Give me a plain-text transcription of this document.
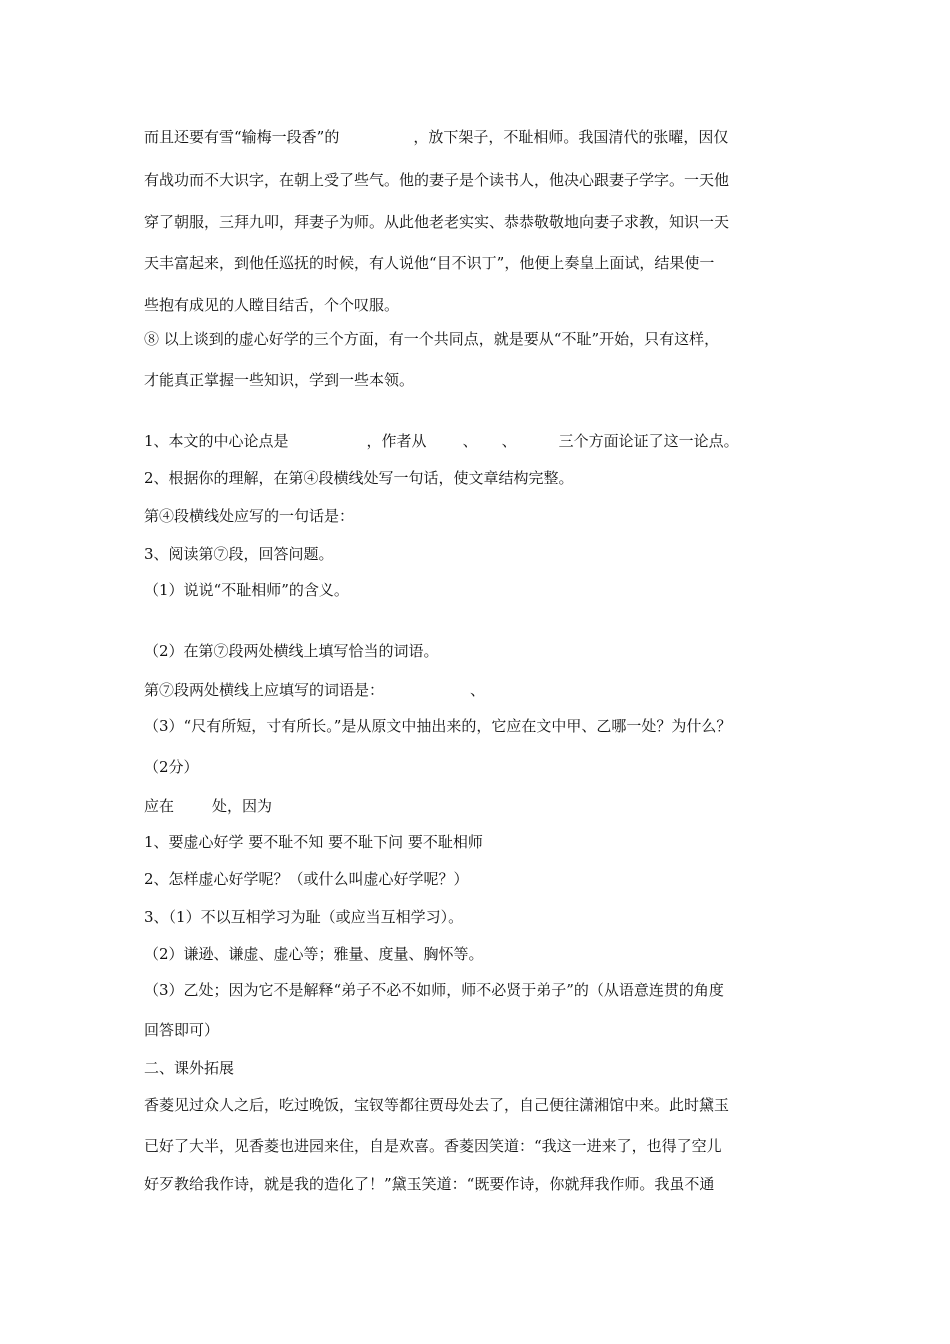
而且还要有雪“输梅一段香”的	，放下架子，不耻相师。我国清代的张曜，因仅
有战功而不大识字，在朝上受了些气。他的妻子是个读书人，他决心跟妻子学字。一天他
穿了朝服，三拜九叩，拜妻子为师。从此他老老实实、恭恭敬敬地向妻子求教，知识一天
天丰富起来，到他任巡抚的时候，有人说他“目不识丁”，他便上奏皇上面试，结果使一
些抱有成见的人瞠目结舌，个个叹服。
⑧ 以上谈到的虚心好学的三个方面，有一个共同点，就是要从“不耻”开始，只有这样，
才能真正掌握一些知识，学到一些本领。
1、本文的中心论点是	，作者从 、 、	三个方面论证了这一论点。
2、根据你的理解，在第④段横线处写一句话，使文章结构完整。
第④段横线处应写的一句话是：
3、阅读第⑦段，回答问题。
（1）说说“不耻相师”的含义。
（2）在第⑦段两处横线上填写恰当的词语。
第⑦段两处横线上应填写的词语是：	、
（3）“尺有所短，寸有所长。”是从原文中抽出来的，它应在文中甲、乙哪一处？为什么？
（2分）
应在	处，因为
1、要虚心好学 要不耻不知 要不耻下问 要不耻相师
2、怎样虚心好学呢？（或什么叫虚心好学呢？）
3、（1）不以互相学习为耻（或应当互相学习）。
（2）谦逊、谦虚、虚心等；雅量、度量、胸怀等。
（3）乙处；因为它不是解释“弟子不必不如师，师不必贤于弟子”的（从语意连贯的角度
回答即可）
二、课外拓展
香菱见过众人之后，吃过晚饭，宝钗等都往贾母处去了，自己便往潇湘馆中来。此时黛玉
已好了大半，见香菱也进园来住，自是欢喜。香菱因笑道：“我这一进来了，也得了空儿
好歹教给我作诗，就是我的造化了！”黛玉笑道：“既要作诗，你就拜我作师。我虽不通
